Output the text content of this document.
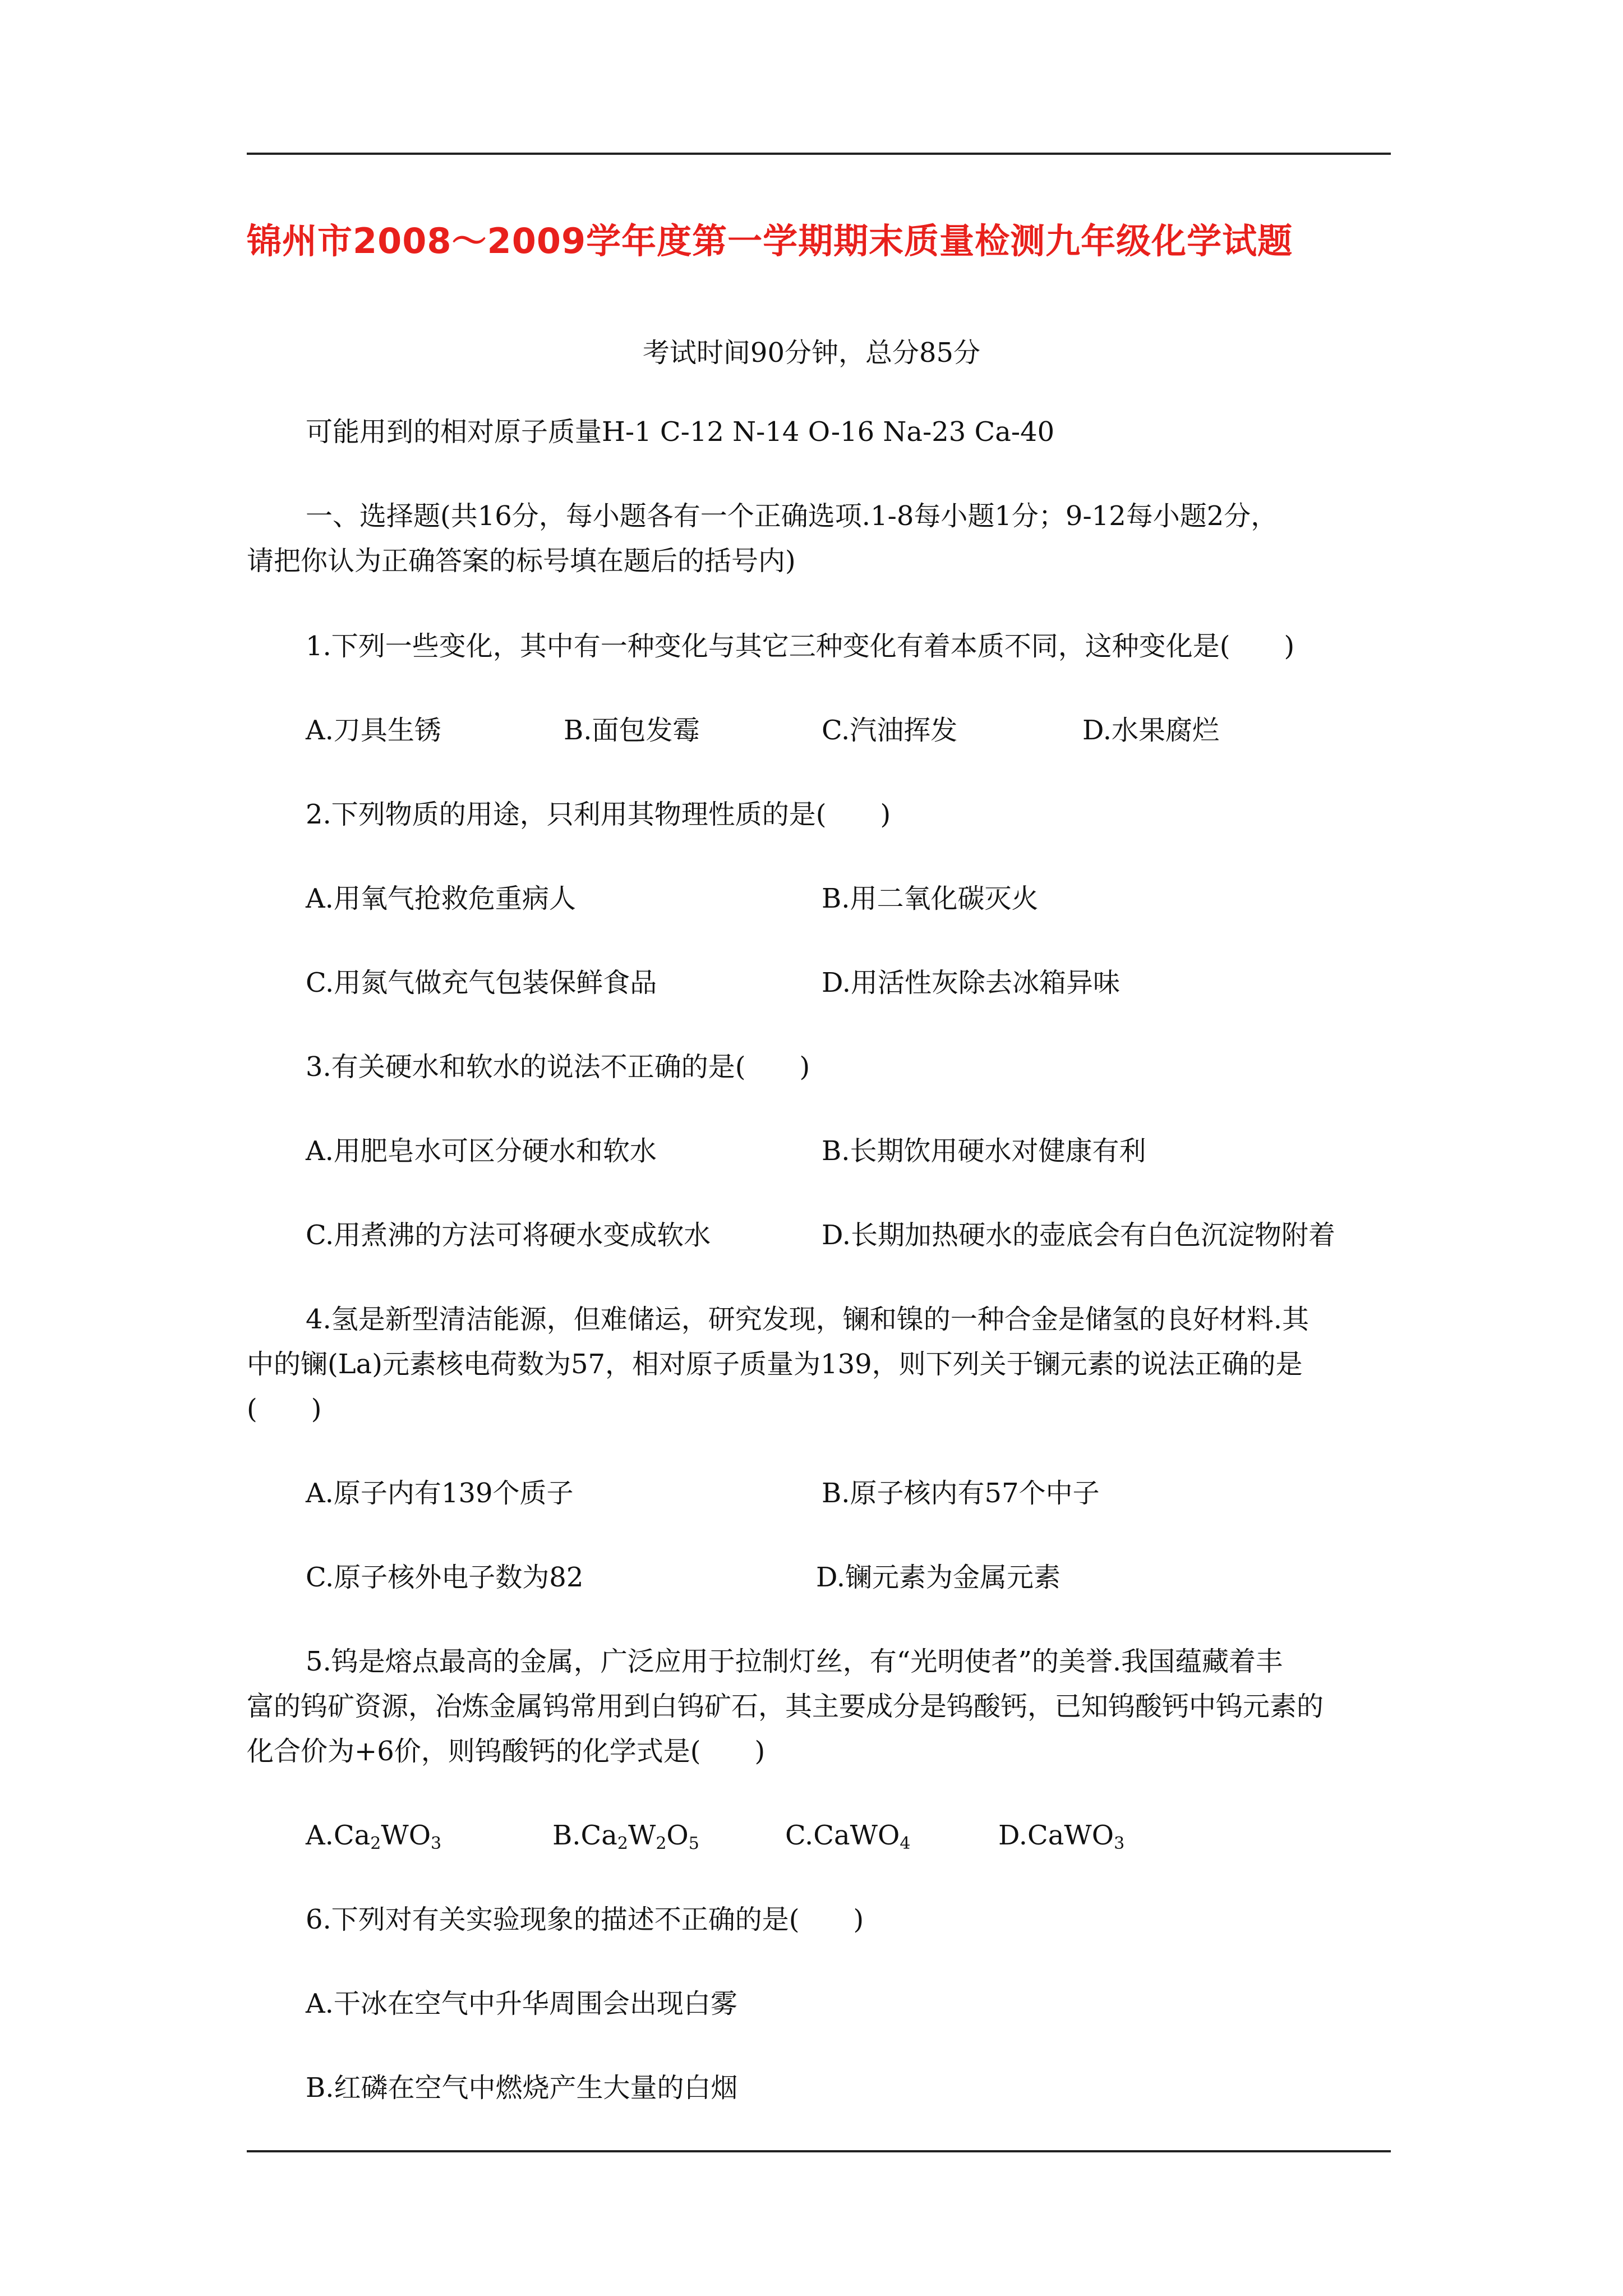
锦州市2008～2009学年度第一学期期末质量检测九年级化学试题
考试时间90分钟，总分85分
可能用到的相对原子质量H-1 C-12 N-14 O-16 Na-23 Ca-40
一、选择题(共16分，每小题各有一个正确选项.1-8每小题1分；9-12每小题2分，
请把你认为正确答案的标号填在题后的括号内)
1.下列一些变化，其中有一种变化与其它三种变化有着本质不同，这种变化是(　　)
A.刀具生锈	B.面包发霉	C.汽油挥发	D.水果腐烂
2.下列物质的用途，只利用其物理性质的是(　　)
A.用氧气抢救危重病人	B.用二氧化碳灭火
C.用氮气做充气包装保鲜食品	D.用活性灰除去冰箱异味
3.有关硬水和软水的说法不正确的是(　　)
A.用肥皂水可区分硬水和软水	B.长期饮用硬水对健康有利
C.用煮沸的方法可将硬水变成软水	D.长期加热硬水的壶底会有白色沉淀物附着
4.氢是新型清洁能源，但难储运，研究发现，镧和镍的一种合金是储氢的良好材料.其
中的镧(La)元素核电荷数为57，相对原子质量为139，则下列关于镧元素的说法正确的是
(　　)
A.原子内有139个质子	B.原子核内有57个中子
C.原子核外电子数为82	D.镧元素为金属元素
5.钨是熔点最高的金属，广泛应用于拉制灯丝，有“光明使者”的美誉.我国蕴藏着丰
富的钨矿资源，冶炼金属钨常用到白钨矿石，其主要成分是钨酸钙，已知钨酸钙中钨元素的
化合价为+6价，则钨酸钙的化学式是(　　)
$A.Ca_2WO_3$	$B.Ca_2W_2O_5$	C.CaWO$_4$	D.CaWO$_3$
6.下列对有关实验现象的描述不正确的是(　　)
A.干冰在空气中升华周围会出现白雾
B.红磷在空气中燃烧产生大量的白烟
